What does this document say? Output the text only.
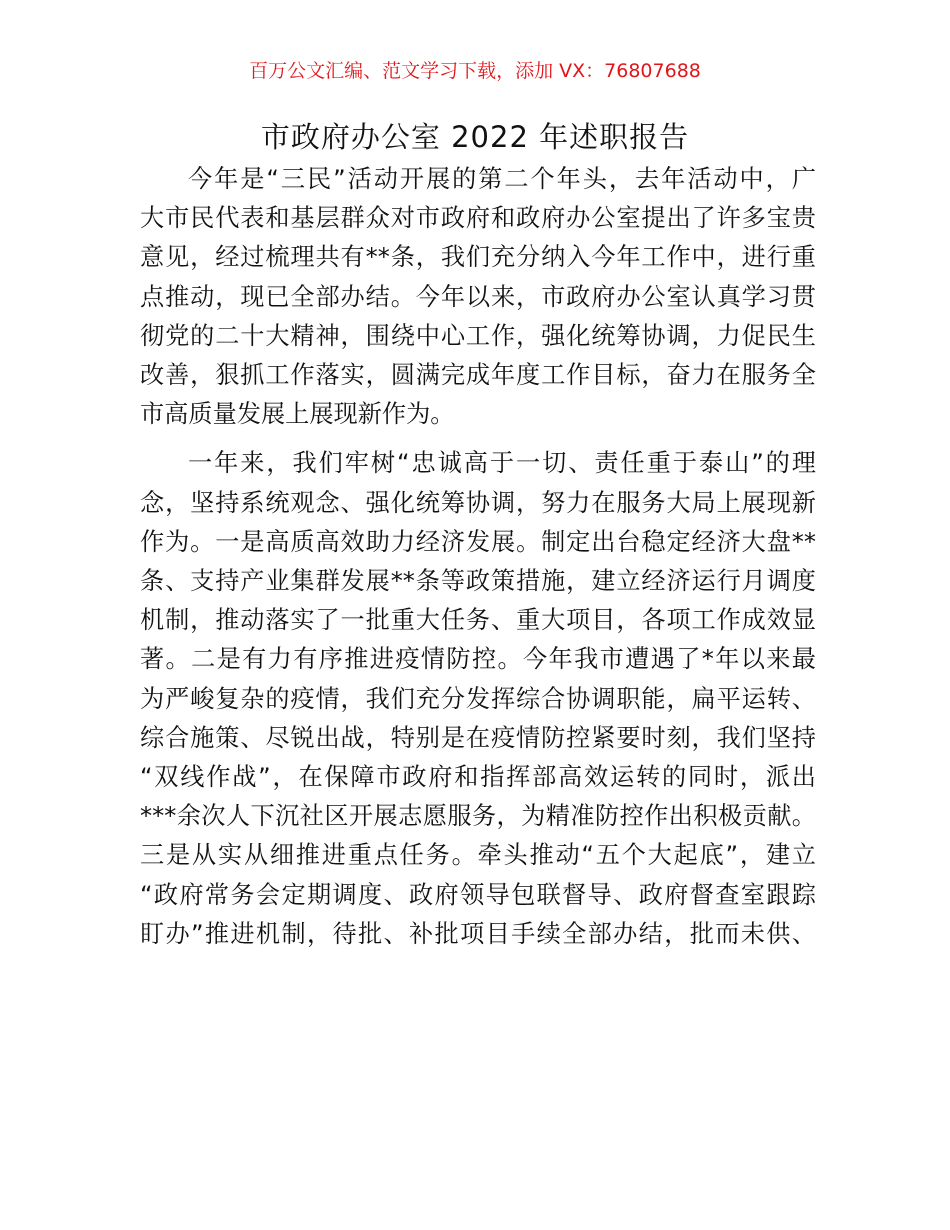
百万公文汇编、范文学习下载，添加 VX：76807688
市政府办公室 2022 年述职报告
今年是“三民”活动开展的第二个年头，去年活动中，广
大市民代表和基层群众对市政府和政府办公室提出了许多宝贵
意见，经过梳理共有**条，我们充分纳入今年工作中，进行重
点推动，现已全部办结。今年以来，市政府办公室认真学习贯
彻党的二十大精神，围绕中心工作，强化统筹协调，力促民生
改善，狠抓工作落实，圆满完成年度工作目标，奋力在服务全
市高质量发展上展现新作为。
一年来，我们牢树“忠诚高于一切、责任重于泰山”的理
念，坚持系统观念、强化统筹协调，努力在服务大局上展现新
作为。一是高质高效助力经济发展。制定出台稳定经济大盘**
条、支持产业集群发展**条等政策措施，建立经济运行月调度
机制，推动落实了一批重大任务、重大项目，各项工作成效显
著。二是有力有序推进疫情防控。今年我市遭遇了*年以来最
为严峻复杂的疫情，我们充分发挥综合协调职能，扁平运转、
综合施策、尽锐出战，特别是在疫情防控紧要时刻，我们坚持
“双线作战”，在保障市政府和指挥部高效运转的同时，派出
***余次人下沉社区开展志愿服务，为精准防控作出积极贡献。
三是从实从细推进重点任务。牵头推动“五个大起底”，建立
“政府常务会定期调度、政府领导包联督导、政府督查室跟踪
盯办”推进机制，待批、补批项目手续全部办结，批而未供、
